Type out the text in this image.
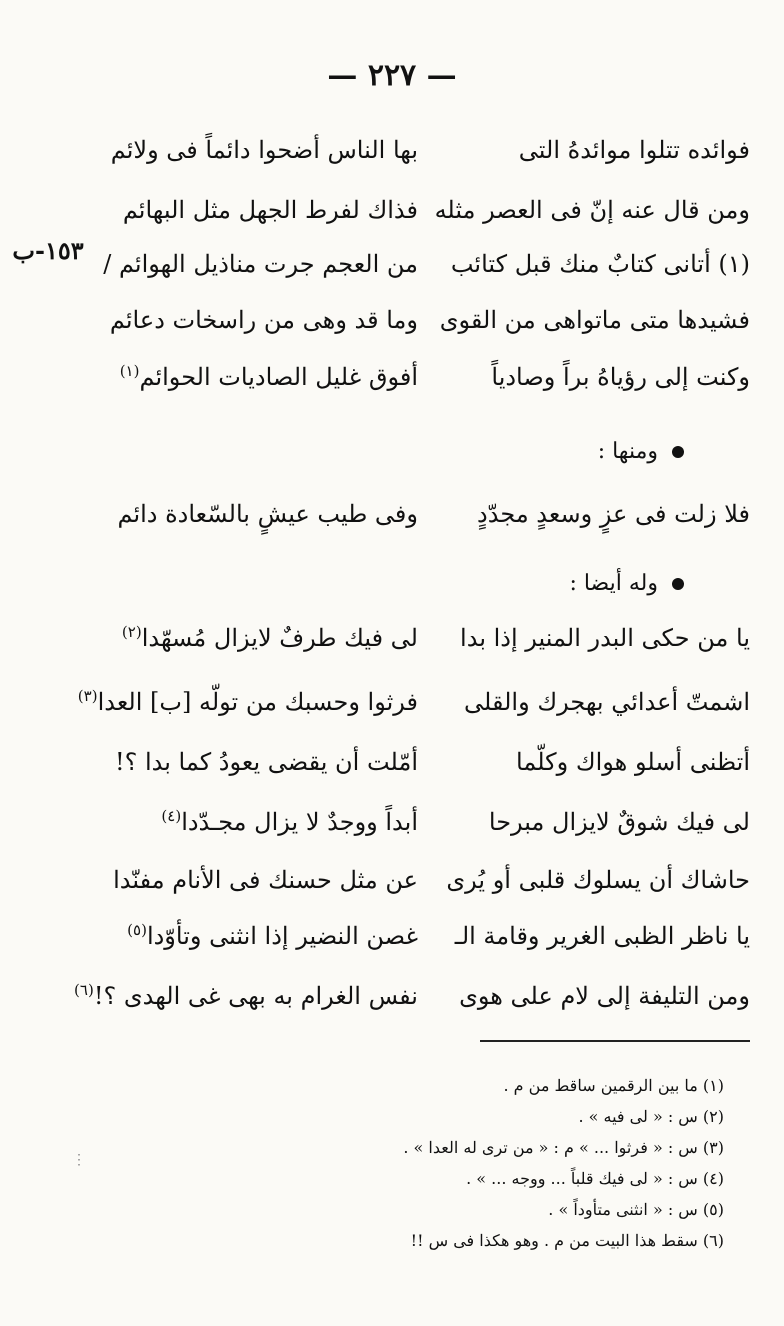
— ٢٢٧ —
١٥٣-ب
فوائده تتلوا موائدهُ التى
بها الناس أضحوا دائماً فى ولائم
ومن قال عنه إنّ فى العصر مثله
فذاك لفرط الجهل مثل البهائم
(١) أتانى كتابٌ منك قبل كتائب
من العجم جرت مناذيل الهوائم /
فشيدها متى ماتواهى من القوى
وما قد وهى من راسخات دعائم
وكنت إلى رؤياهُ براً وصادياً
أفوق غليل الصاديات الحوائم$^{(١)}$
ومنها :
فلا زلت فى عزٍ وسعدٍ مجدّدٍ
وفى طيب عيشٍ بالسّعادة دائم
وله أيضا :
يا من حكى البدر المنير إذا بدا
لى فيك طرفٌ لايزال مُسهّدا$^{(٢)}$
اشمتّ أعدائي بهجرك والقلى
فرثوا وحسبك من تولّه [ب] العدا$^{(٣)}$
أتظنى أسلو هواك وكلّما
أمّلت أن يقضى يعودُ كما بدا ؟!
لى فيك شوقٌ لايزال مبرحا
أبداً ووجدٌ لا يزال مجـدّدا$^{(٤)}$
حاشاك أن يسلوك قلبى أو يُرى
عن مثل حسنك فى الأنام مفنّدا
يا ناظر الظبى الغرير وقامة الـ
غصن النضير إذا انثنى وتأوّدا$^{(٥)}$
ومن التليفة إلى لام على هوى
نفس الغرام به بهى غى الهدى ؟!$^{(٦)}$
(١) ما بين الرقمين ساقط من م .
(٢) س : « لى فيه » .
(٣) س : « فرثوا ... » م : « من ترى له العدا » .
(٤) س : « لى فيك قلباً ... ووجه ... » .
(٥) س : « انثنى متأوداً » .
(٦) سقط هذا البيت من م . وهو هكذا فى س !!
⋮
